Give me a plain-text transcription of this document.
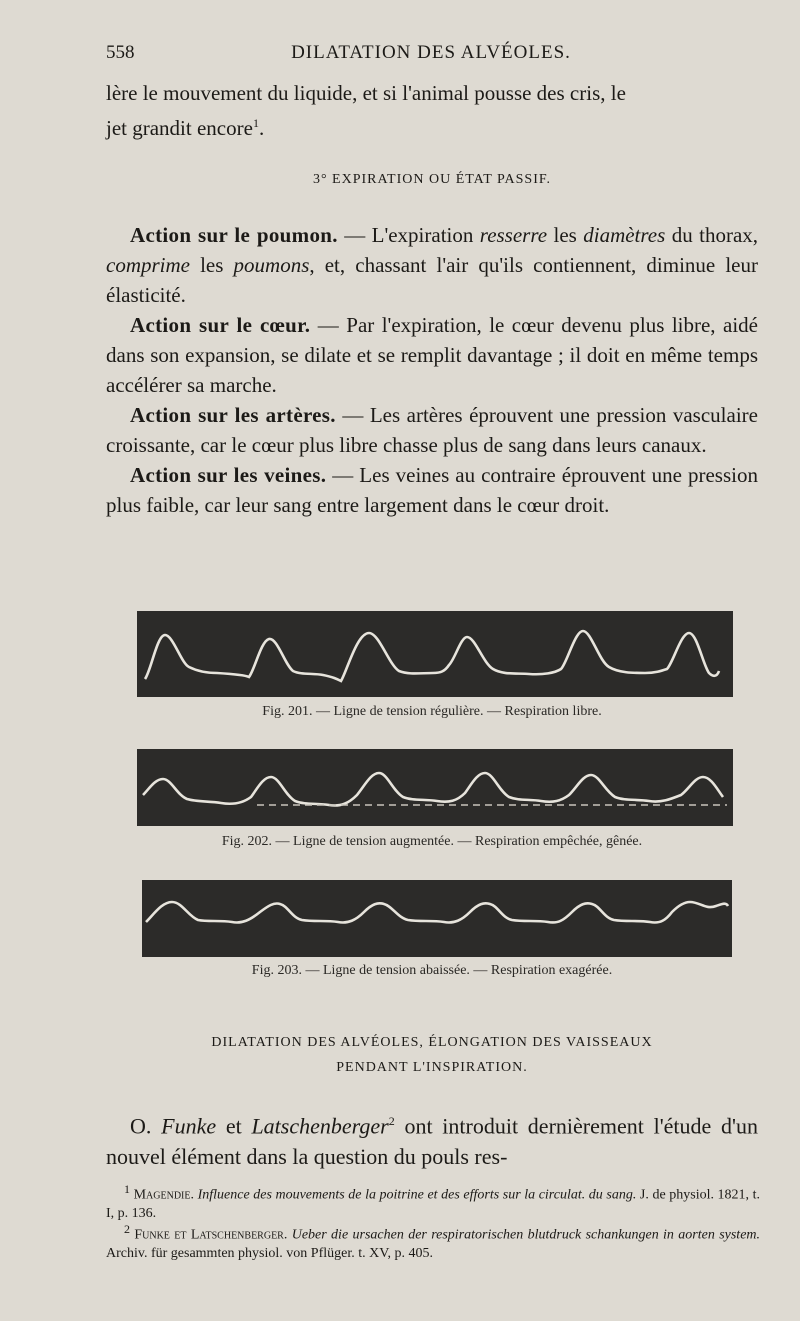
558	DILATATION DES ALVÉOLES.

lère le mouvement du liquide, et si l'animal pousse des cris, le
jet grandit encore$^1$.

3° EXPIRATION OU ÉTAT PASSIF.

Action sur le poumon. — L'expiration resserre les diamètres du thorax, comprime les poumons, et, chassant l'air qu'ils contiennent, diminue leur élasticité.

Action sur le cœur. — Par l'expiration, le cœur devenu plus libre, aidé dans son expansion, se dilate et se remplit davantage ; il doit en même temps accélérer sa marche.

Action sur les artères. — Les artères éprouvent une pression vasculaire croissante, car le cœur plus libre chasse plus de sang dans leurs canaux.

Action sur les veines. — Les veines au contraire éprouvent une pression plus faible, car leur sang entre largement dans le cœur droit.

Fig. 201. — Ligne de tension régulière. — Respiration libre.
Fig. 202. — Ligne de tension augmentée. — Respiration empêchée, gênée.
Fig. 203. — Ligne de tension abaissée. — Respiration exagérée.
DILATATION DES ALVÉOLES, ÉLONGATION DES VAISSEAUX
PENDANT L'INSPIRATION.

O. Funke et Latschenberger$^2$ ont introduit dernièrement l'étude d'un nouvel élément dans la question du pouls res-

$^1$ Magendie. Influence des mouvements de la poitrine et des efforts sur la circulat. du sang. J. de physiol. 1821, t. I, p. 136.

$^2$ Funke et Latschenberger. Ueber die ursachen der respiratorischen blutdruck schankungen in aorten system. Archiv. für gesammten physiol. von Pflüger. t. XV, p. 405.
